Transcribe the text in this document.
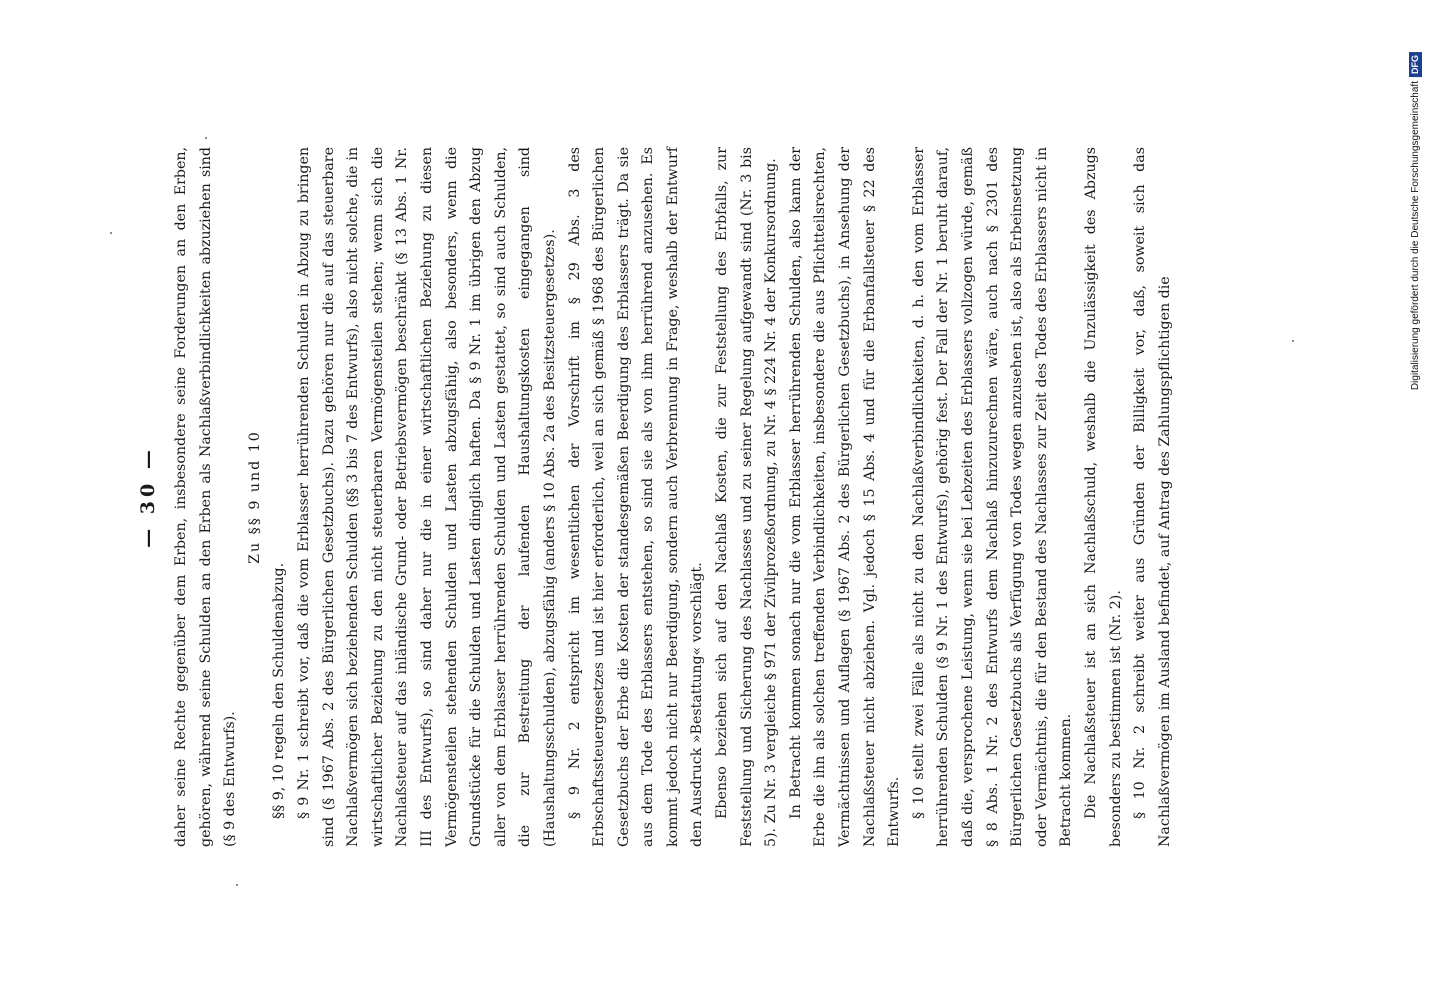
— 30 — daher seine Rechte gegenüber dem Erben, insbesondere seine Forderungen an den Erben, gehören, während seine Schulden an den Erben als Nachlaßverbindlichkeiten abzuziehen sind (§ 9 des Entwurfs).

Zu §§ 9 und 10

§§ 9, 10 regeln den Schuldenabzug. § 9 Nr. 1 schreibt vor, daß die vom Erblasser herrührenden Schulden in Abzug zu bringen sind (§ 1967 Abs. 2 des Bürgerlichen Gesetzbuchs). Dazu gehören nur die auf das steuerbare Nachlaßvermögen sich beziehenden Schulden (§§ 3 bis 7 des Entwurfs), also nicht solche, die in wirtschaftlicher Beziehung zu den nicht steuerbaren Vermögensteilen stehen; wenn sich die Nachlaßsteuer auf das inländische Grund- oder Betriebsvermögen beschränkt (§ 13 Abs. 1 Nr. III des Entwurfs), so sind daher nur die in einer wirtschaftlichen Beziehung zu diesen Vermögensteilen stehenden Schulden und Lasten abzugsfähig, also besonders, wenn die Grundstücke für die Schulden und Lasten dinglich haften. Da § 9 Nr. 1 im übrigen den Abzug aller von dem Erblasser herrührenden Schulden und Lasten gestattet, so sind auch Schulden, die zur Bestreitung der laufenden Haushaltungskosten eingegangen sind (Haushaltungsschulden), abzugsfähig (anders § 10 Abs. 2a des Besitzsteuergesetzes). § 9 Nr. 2 entspricht im wesentlichen der Vorschrift im § 29 Abs. 3 des Erbschaftssteuergesetzes und ist hier erforderlich, weil an sich gemäß § 1968 des Bürgerlichen Gesetzbuchs der Erbe die Kosten der standesgemäßen Beerdigung des Erblassers trägt. Da sie aus dem Tode des Erblassers entstehen, so sind sie als von ihm herrührend anzusehen. Es kommt jedoch nicht nur Beerdigung, sondern auch Verbrennung in Frage, weshalb der Entwurf den Ausdruck »Bestattung« vorschlägt. Ebenso beziehen sich auf den Nachlaß Kosten, die zur Feststellung des Erbfalls, zur Feststellung und Sicherung des Nachlasses und zu seiner Regelung aufgewandt sind (Nr. 3 bis 5). Zu Nr. 3 vergleiche § 971 der Zivilprozeßordnung, zu Nr. 4 § 224 Nr. 4 der Konkursordnung. In Betracht kommen sonach nur die vom Erblasser herrührenden Schulden, also kann der Erbe die ihn als solchen treffenden Verbindlichkeiten, insbesondere die aus Pflichtteilsrechten, Vermächtnissen und Auflagen (§ 1967 Abs. 2 des Bürgerlichen Gesetzbuchs), in Ansehung der Nachlaßsteuer nicht abziehen. Vgl. jedoch § 15 Abs. 4 und für die Erbanfallsteuer § 22 des Entwurfs. § 10 stellt zwei Fälle als nicht zu den Nachlaßverbindlichkeiten, d. h. den vom Erblasser herrührenden Schulden (§ 9 Nr. 1 des Entwurfs), gehörig fest. Der Fall der Nr. 1 beruht darauf, daß die, versprochene Leistung, wenn sie bei Lebzeiten des Erblassers vollzogen würde, gemäß § 8 Abs. 1 Nr. 2 des Entwurfs dem Nachlaß hinzuzurechnen wäre, auch nach § 2301 des Bürgerlichen Gesetzbuchs als Verfügung von Todes wegen anzusehen ist, also als Erbeinsetzung oder Vermächtnis, die für den Bestand des Nachlasses zur Zeit des Todes des Erblassers nicht in Betracht kommen. Die Nachlaßsteuer ist an sich Nachlaßschuld, weshalb die Unzulässigkeit des Abzugs besonders zu bestimmen ist (Nr. 2). § 10 Nr. 2 schreibt weiter aus Gründen der Billigkeit vor, daß, soweit sich das Nachlaßvermögen im Ausland befindet, auf Antrag des Zahlungspflichtigen die

Digitalisierung gefördert durch die Deutsche ForschungsgemeinschaftDFG
